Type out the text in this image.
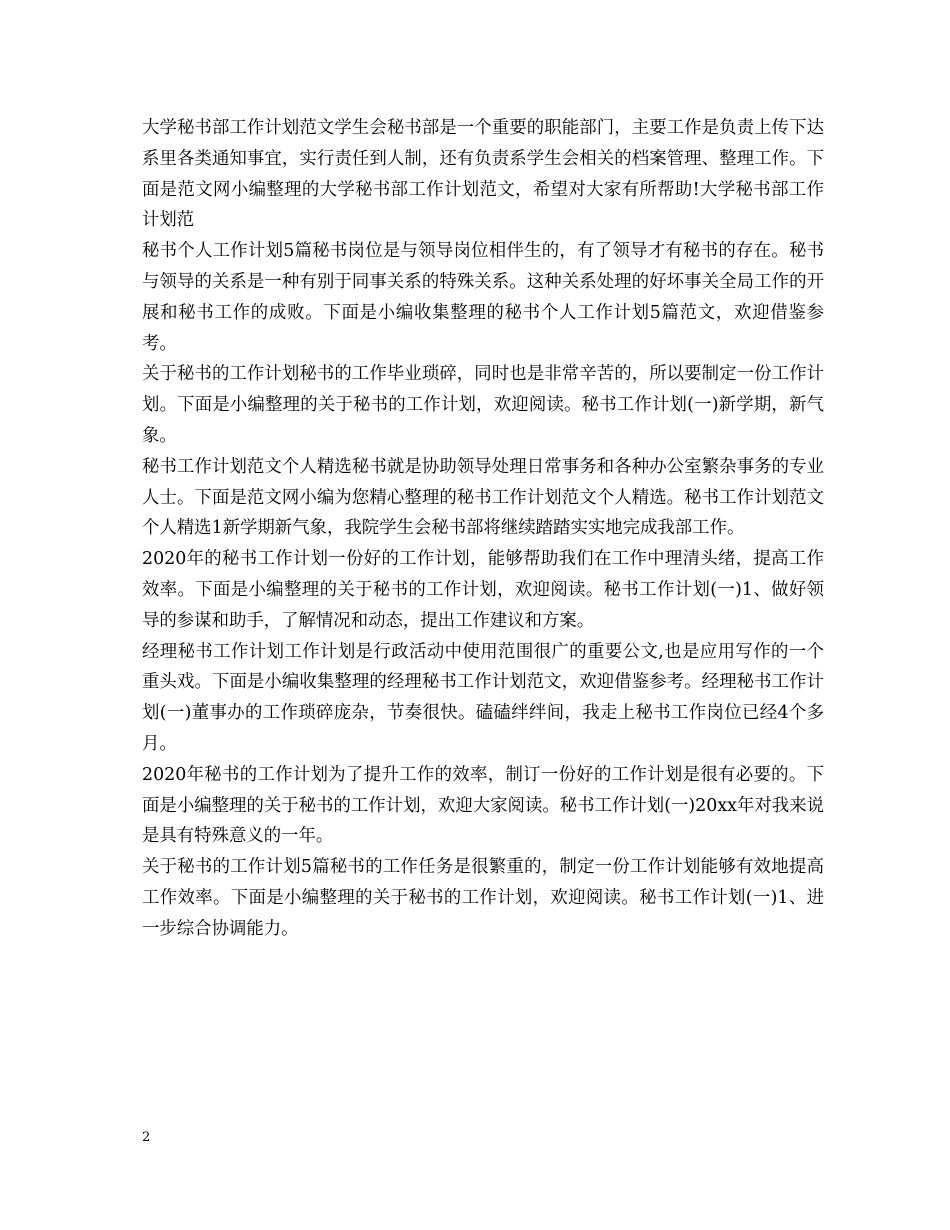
大学秘书部工作计划范文学生会秘书部是一个重要的职能部门，主要工作是负责上传下达系里各类通知事宜，实行责任到人制，还有负责系学生会相关的档案管理、整理工作。下面是范文网小编整理的大学秘书部工作计划范文，希望对大家有所帮助!大学秘书部工作计划范

秘书个人工作计划5篇秘书岗位是与领导岗位相伴生的，有了领导才有秘书的存在。秘书与领导的关系是一种有别于同事关系的特殊关系。这种关系处理的好坏事关全局工作的开展和秘书工作的成败。下面是小编收集整理的秘书个人工作计划5篇范文，欢迎借鉴参考。

关于秘书的工作计划秘书的工作毕业琐碎，同时也是非常辛苦的，所以要制定一份工作计划。下面是小编整理的关于秘书的工作计划，欢迎阅读。秘书工作计划(一)新学期，新气象。

秘书工作计划范文个人精选秘书就是协助领导处理日常事务和各种办公室繁杂事务的专业人士。下面是范文网小编为您精心整理的秘书工作计划范文个人精选。秘书工作计划范文个人精选1新学期新气象，我院学生会秘书部将继续踏踏实实地完成我部工作。

2020年的秘书工作计划一份好的工作计划，能够帮助我们在工作中理清头绪，提高工作效率。下面是小编整理的关于秘书的工作计划，欢迎阅读。秘书工作计划(一)1、做好领导的参谋和助手，了解情况和动态，提出工作建议和方案。

经理秘书工作计划工作计划是行政活动中使用范围很广的重要公文,也是应用写作的一个重头戏。下面是小编收集整理的经理秘书工作计划范文，欢迎借鉴参考。经理秘书工作计划(一)董事办的工作琐碎庞杂，节奏很快。磕磕绊绊间，我走上秘书工作岗位已经4个多月。

2020年秘书的工作计划为了提升工作的效率，制订一份好的工作计划是很有必要的。下面是小编整理的关于秘书的工作计划，欢迎大家阅读。秘书工作计划(一)20xx年对我来说是具有特殊意义的一年。

关于秘书的工作计划5篇秘书的工作任务是很繁重的，制定一份工作计划能够有效地提高工作效率。下面是小编整理的关于秘书的工作计划，欢迎阅读。秘书工作计划(一)1、进一步综合协调能力。

2
